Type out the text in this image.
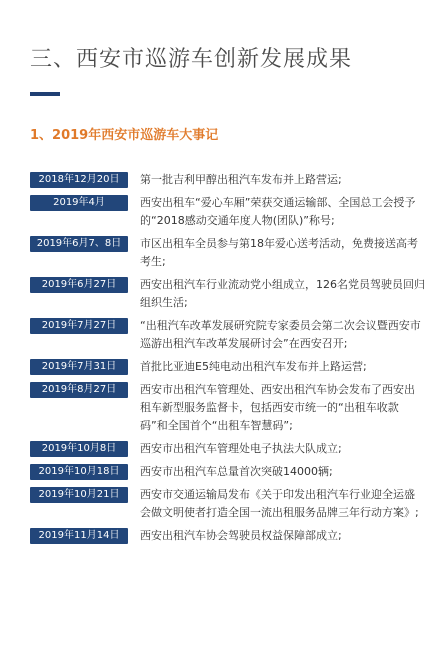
三、西安市巡游车创新发展成果
1、2019年西安市巡游车大事记
2018年12月20日	第一批吉利甲醇出租汽车发布并上路营运;
2019年4月	西安出租车“爱心车厢”荣获交通运输部、全国总工会授予的“2018感动交通年度人物(团队)”称号;
2019年6月7、8日	市区出租车全员参与第18年爱心送考活动，免费接送高考考生;
2019年6月27日	西安出租汽车行业流动党小组成立，126名党员驾驶员回归组织生活;
2019年7月27日	“出租汽车改革发展研究院专家委员会第二次会议暨西安市巡游出租汽车改革发展研讨会”在西安召开;
2019年7月31日	首批比亚迪E5纯电动出租汽车发布并上路运营;
2019年8月27日	西安市出租汽车管理处、西安出租汽车协会发布了西安出租车新型服务监督卡，包括西安市统一的“出租车收款码”和全国首个“出租车智慧码”;
2019年10月8日	西安市出租汽车管理处电子执法大队成立;
2019年10月18日	西安市出租汽车总量首次突破14000辆;
2019年10月21日	西安市交通运输局发布《关于印发出租汽车行业迎全运盛会做文明使者打造全国一流出租服务品牌三年行动方案》;
2019年11月14日	西安出租汽车协会驾驶员权益保障部成立;
